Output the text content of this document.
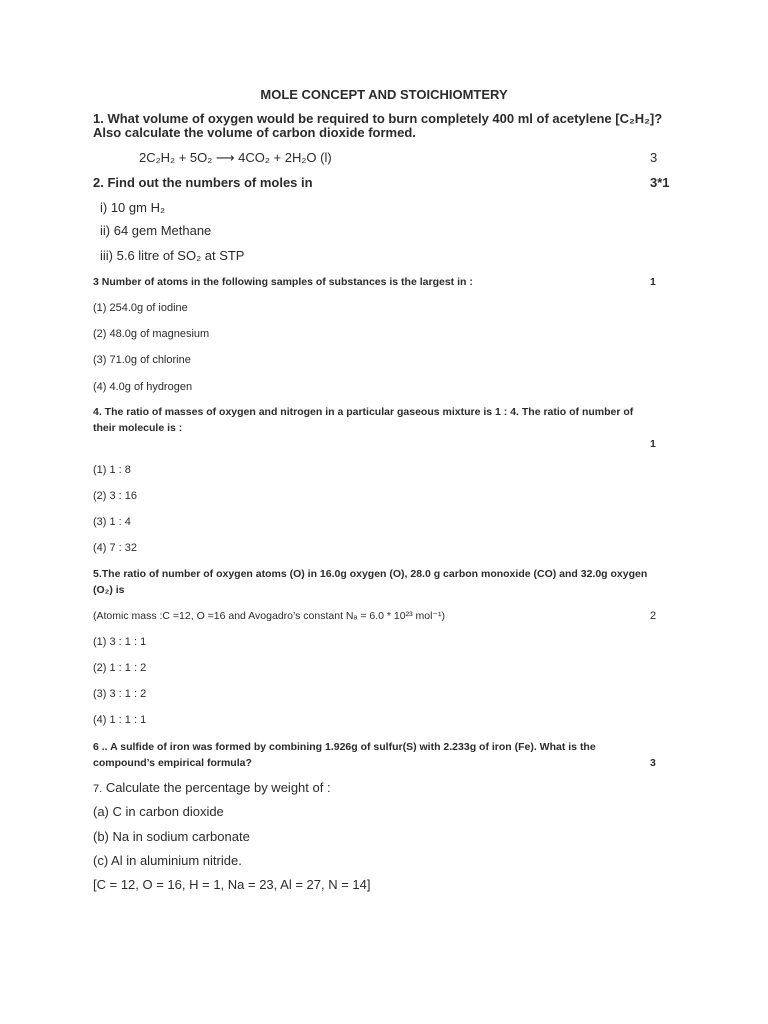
MOLE CONCEPT AND STOICHIOMTERY
1. What volume of oxygen would be required to burn completely 400 ml of acetylene [C₂H₂]?
Also calculate the volume of carbon dioxide formed.
2C₂H₂ + 5O₂ ⟶ 4CO₂ + 2H₂O (l)	3
2. Find out the numbers of moles in	3*1
i) 10 gm H₂
ii) 64 gem Methane
iii) 5.6 litre of SO₂ at STP
3 Number of atoms in the following samples of substances is the largest in :	1
(1) 254.0g of iodine
(2) 48.0g of magnesium
(3) 71.0g of chlorine
(4) 4.0g of hydrogen
4. The ratio of masses of oxygen and nitrogen in a particular gaseous mixture is 1 : 4. The ratio of number of
their molecule is :
1
(1) 1 : 8
(2) 3 : 16
(3) 1 : 4
(4) 7 : 32
5.The ratio of number of oxygen atoms (O) in 16.0g oxygen (O), 28.0 g carbon monoxide (CO) and 32.0g oxygen
(O₂) is
(Atomic mass :C =12, O =16 and Avogadro’s constant Nₐ = 6.0 * 10²³ mol⁻¹)	2
(1) 3 : 1 : 1
(2) 1 : 1 : 2
(3) 3 : 1 : 2
(4) 1 : 1 : 1
6 .. A sulfide of iron was formed by combining 1.926g of sulfur(S) with 2.233g of iron (Fe). What is the
compound’s empirical formula?	3
7. Calculate the percentage by weight of :
(a) C in carbon dioxide
(b) Na in sodium carbonate
(c) Al in aluminium nitride.
[C = 12, O = 16, H = 1, Na = 23, Al = 27, N = 14]
